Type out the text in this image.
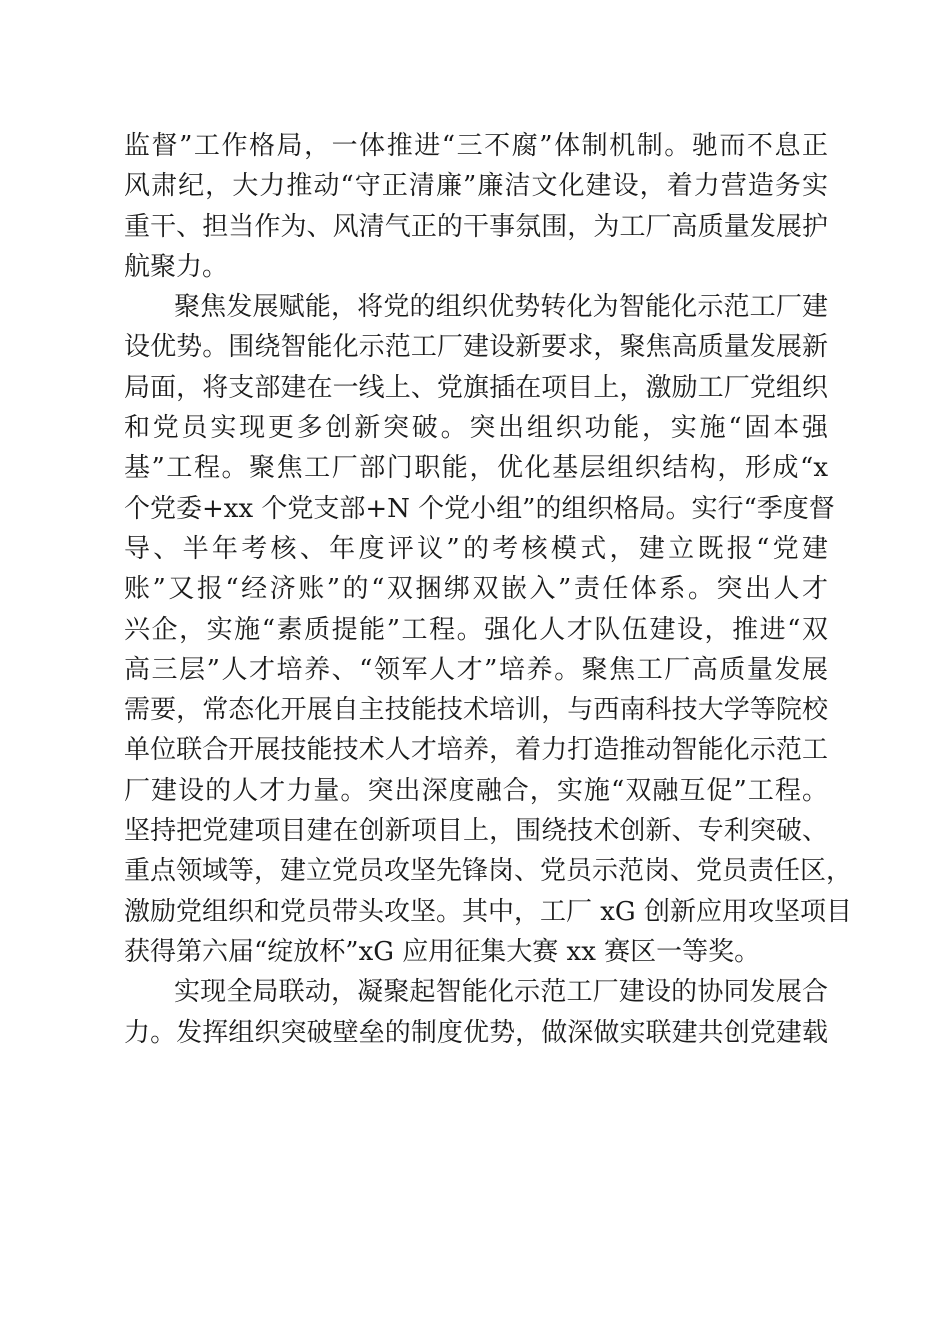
监督”工作格局，一体推进“三不腐”体制机制。驰而不息正
风肃纪，大力推动“守正清廉”廉洁文化建设，着力营造务实
重干、担当作为、风清气正的干事氛围，为工厂高质量发展护
航聚力。
聚焦发展赋能，将党的组织优势转化为智能化示范工厂建
设优势。围绕智能化示范工厂建设新要求，聚焦高质量发展新
局面，将支部建在一线上、党旗插在项目上，激励工厂党组织
和党员实现更多创新突破。突出组织功能，实施“固本强
基”工程。聚焦工厂部门职能，优化基层组织结构，形成“x
个党委+xx 个党支部+N 个党小组”的组织格局。实行“季度督
导、半年考核、年度评议”的考核模式，建立既报“党建
账”又报“经济账”的“双捆绑双嵌入”责任体系。突出人才
兴企，实施“素质提能”工程。强化人才队伍建设，推进“双
高三层”人才培养、“领军人才”培养。聚焦工厂高质量发展
需要，常态化开展自主技能技术培训，与西南科技大学等院校
单位联合开展技能技术人才培养，着力打造推动智能化示范工
厂建设的人才力量。突出深度融合，实施“双融互促”工程。
坚持把党建项目建在创新项目上，围绕技术创新、专利突破、
重点领域等，建立党员攻坚先锋岗、党员示范岗、党员责任区，
激励党组织和党员带头攻坚。其中，工厂 xG 创新应用攻坚项目
获得第六届“绽放杯”xG 应用征集大赛 xx 赛区一等奖。
实现全局联动，凝聚起智能化示范工厂建设的协同发展合
力。发挥组织突破壁垒的制度优势，做深做实联建共创党建载
